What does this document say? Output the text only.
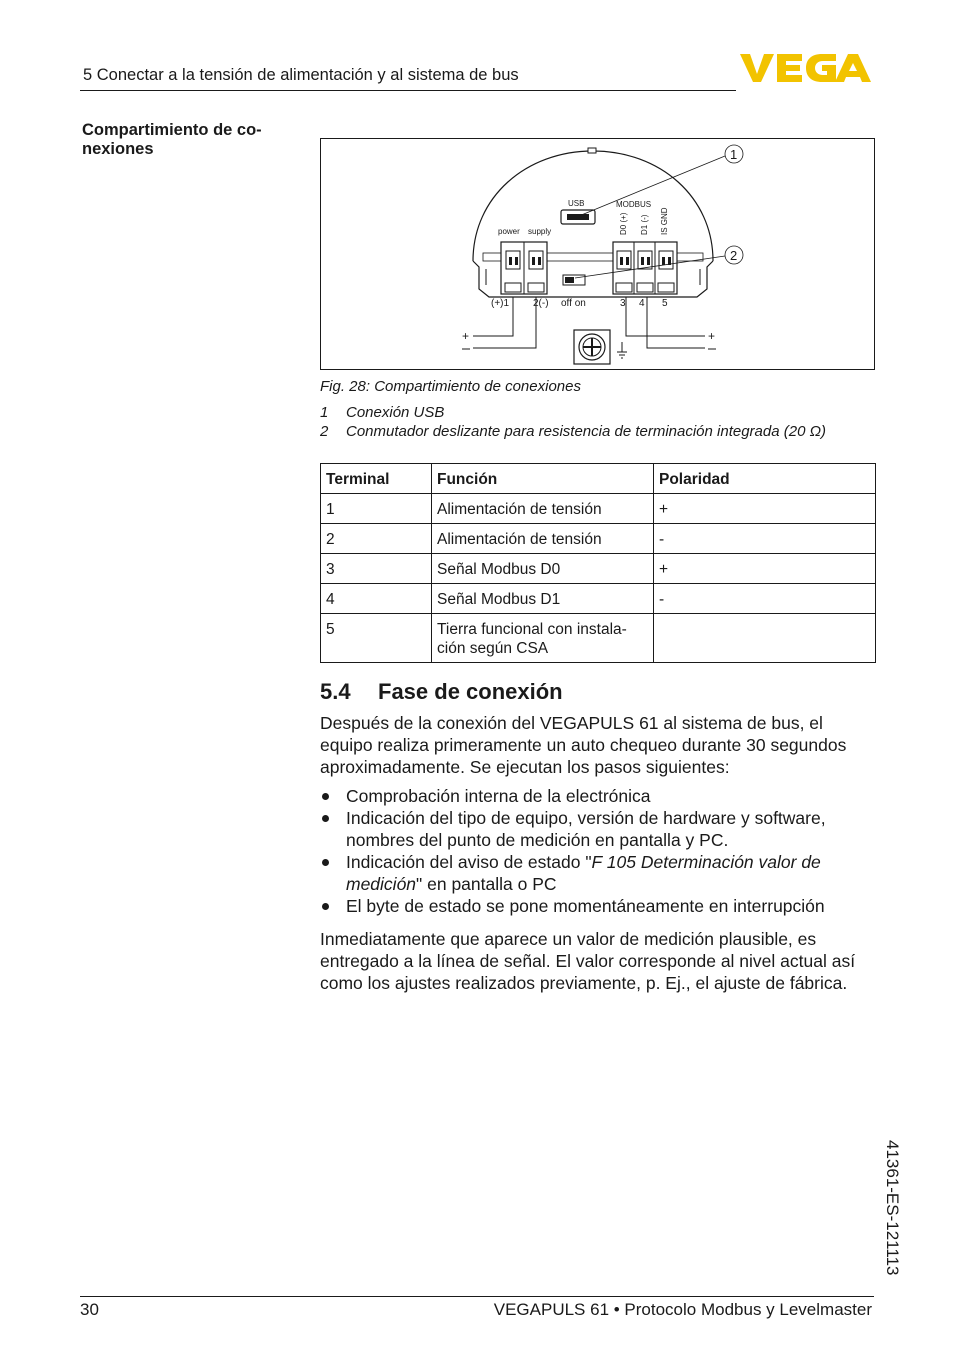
5 Conectar a la tensión de alimentación y al sistema de bus
Compartimiento de co-
nexiones
USB	MODBUS
D0 (+) D1 (-) IS GND
power supply
(+)1 2(-) off on	3 4 5
+	+
1
2
Fig. 28: Compartimiento de conexiones
1 Conexión USB
2 Conmutador deslizante para resistencia de terminación integrada (20 Ω)
Terminal	Función	Polaridad
1	Alimentación de tensión	+
2	Alimentación de tensión	-
3	Señal Modbus D0	+
4	Señal Modbus D1	-
5	Tierra funcional con instala-
ción según CSA	
5.4 Fase de conexión
Después de la conexión del VEGAPULS 61 al sistema de bus, el equipo realiza primeramente un auto chequeo durante 30 segundos aproximadamente. Se ejecutan los pasos siguientes:
Comprobación interna de la electrónica
Indicación del tipo de equipo, versión de hardware y software, nombres del punto de medición en pantalla y PC.
Indicación del aviso de estado "F 105 Determinación valor de medición" en pantalla o PC
El byte de estado se pone momentáneamente en interrupción
Inmediatamente que aparece un valor de medición plausible, es entregado a la línea de señal. El valor corresponde al nivel actual así como los ajustes realizados previamente, p. Ej., el ajuste de fábrica.
41361-ES-121113
30	VEGAPULS 61 • Protocolo Modbus y Levelmaster
